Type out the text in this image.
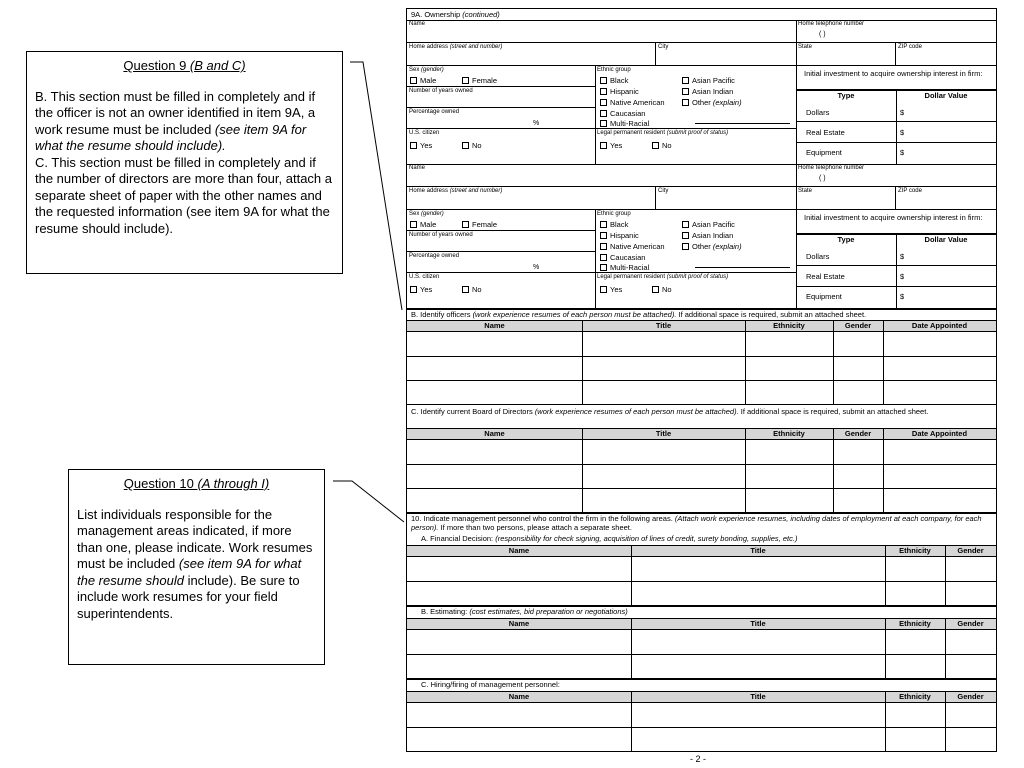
Question 9 (B and C)

B. This section must be filled in completely and if the officer is not an owner identified in item 9A, a work resume must be included (see item 9A for what the resume should include).

C. This section must be filled in completely and if the number of directors are more than four, attach a separate sheet of paper with the other names and the requested information (see item 9A for what the resume should include).

Question 10 (A through I)

List individuals responsible for the management areas indicated, if more than one, please indicate. Work resumes must be included (see item 9A for what the resume should include). Be sure to include work resumes for your field superintendents.

9A. Ownership (continued)
Name	Home telephone number
( )
Home address (street and number)	City	State	ZIP code
Sex (gender)
Male	Female
Number of years owned
Percentage owned
%
U.S. citizen
Yes	No
Ethnic group
Black
Hispanic
Native American
Caucasian
Multi-Racial
Asian Pacific
Asian Indian
Other (explain)
Legal permanent resident (submit proof of status)
Yes	No
Initial investment to acquire ownership interest in firm:
Type	Dollar Value
Dollars	$
Real Estate	$
Equipment	$
Name	Home telephone number
( )
Home address (street and number)	City	State	ZIP code
Sex (gender)
Male	Female
Number of years owned
Percentage owned
%
U.S. citizen
Yes	No
Ethnic group
Black
Hispanic
Native American
Caucasian
Multi-Racial
Asian Pacific
Asian Indian
Other (explain)
Legal permanent resident (submit proof of status)
Yes	No
Initial investment to acquire ownership interest in firm:
Type	Dollar Value
Dollars	$
Real Estate	$
Equipment	$
B. Identify officers (work experience resumes of each person must be attached). If additional space is required, submit an attached sheet.
Name	Title	Ethnicity	Gender	Date Appointed
C. Identify current Board of Directors (work experience resumes of each person must be attached). If additional space is required, submit an attached sheet.
Name	Title	Ethnicity	Gender	Date Appointed
10. Indicate management personnel who control the firm in the following areas. (Attach work experience resumes, including dates of employment at each company, for each person). If more than two persons, please attach a separate sheet.
A. Financial Decision: (responsibility for check signing, acquisition of lines of credit, surety bonding, supplies, etc.)
Name	Title	Ethnicity	Gender
B. Estimating: (cost estimates, bid preparation or negotiations)
Name	Title	Ethnicity	Gender
C. Hiring/firing of management personnel:
Name	Title	Ethnicity	Gender
- 2 -
